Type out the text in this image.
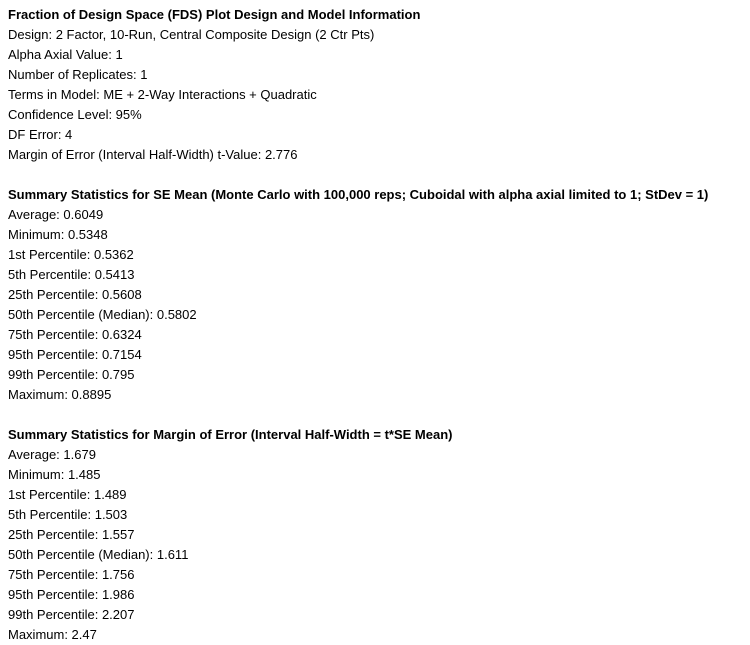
Fraction of Design Space (FDS) Plot Design and Model Information

Design: 2 Factor, 10-Run, Central Composite Design (2 Ctr Pts)

Alpha Axial Value: 1

Number of Replicates: 1

Terms in Model: ME + 2-Way Interactions + Quadratic

Confidence Level: 95%

DF Error: 4

Margin of Error (Interval Half-Width) t-Value: 2.776

Summary Statistics for SE Mean (Monte Carlo with 100,000 reps; Cuboidal with alpha axial limited to 1; StDev = 1)

Average: 0.6049

Minimum: 0.5348

1st Percentile: 0.5362

5th Percentile: 0.5413

25th Percentile: 0.5608

50th Percentile (Median): 0.5802

75th Percentile: 0.6324

95th Percentile: 0.7154

99th Percentile: 0.795

Maximum: 0.8895

Summary Statistics for Margin of Error (Interval Half-Width = t*SE Mean)

Average: 1.679

Minimum: 1.485

1st Percentile: 1.489

5th Percentile: 1.503

25th Percentile: 1.557

50th Percentile (Median): 1.611

75th Percentile: 1.756

95th Percentile: 1.986

99th Percentile: 2.207

Maximum: 2.47
